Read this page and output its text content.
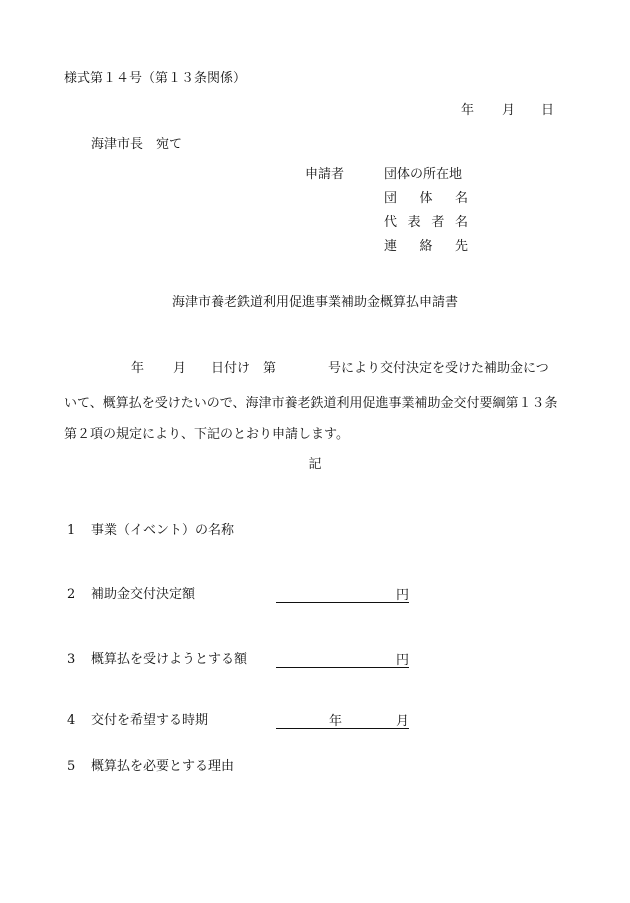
様式第１４号（第１３条関係）
年 月 日
海津市長　宛て
申請者	団体の所在地
団 体 名
代 表 者 名
連 絡 先
海津市養老鉄道利用促進事業補助金概算払申請書
年 月 日付け 第	号により交付決定を受けた補助金につ
いて、概算払を受けたいので、海津市養老鉄道利用促進事業補助金交付要綱第１３条
第２項の規定により、下記のとおり申請します。
記
1 事業（イベント）の名称
2 補助金交付決定額	円
3 概算払を受けようとする額	円
4 交付を希望する時期	年	月
5 概算払を必要とする理由
